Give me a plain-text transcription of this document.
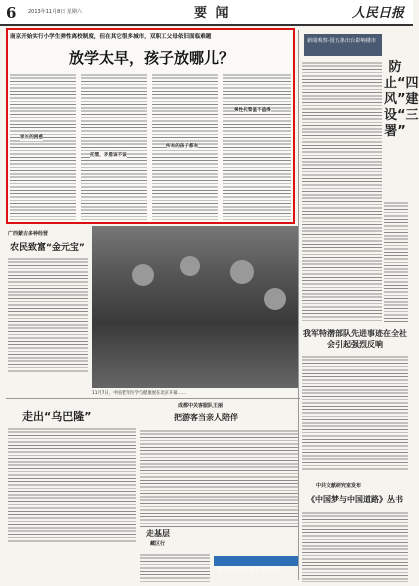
6 2013年11月8日 星期六	要 闻	人民日报
南京开始实行小学生弹性离校制度，但在其它很多城市，双职工父母依旧面临难题
放学太早，孩子放哪儿？
家长的困惑
托管，矛盾该不该
弹性托管值不值得
所有的孩子都有
新闻观察·国五条出台影响楼市
防止“四风”建设“三署”
广西蒙古多种经营
农民致富“金元宝”
11月7日，中国老年医学与健康展在北京开幕……
我军特潜部队先进事迹在全社会引起强烈反响
走出“乌巴隆”
成都中关客服队王丽
把游客当亲人陪伴
走基层
藏区行
提升公民法治素养文明素质
中共文献研究室发布
《中国梦与中国道路》丛书
